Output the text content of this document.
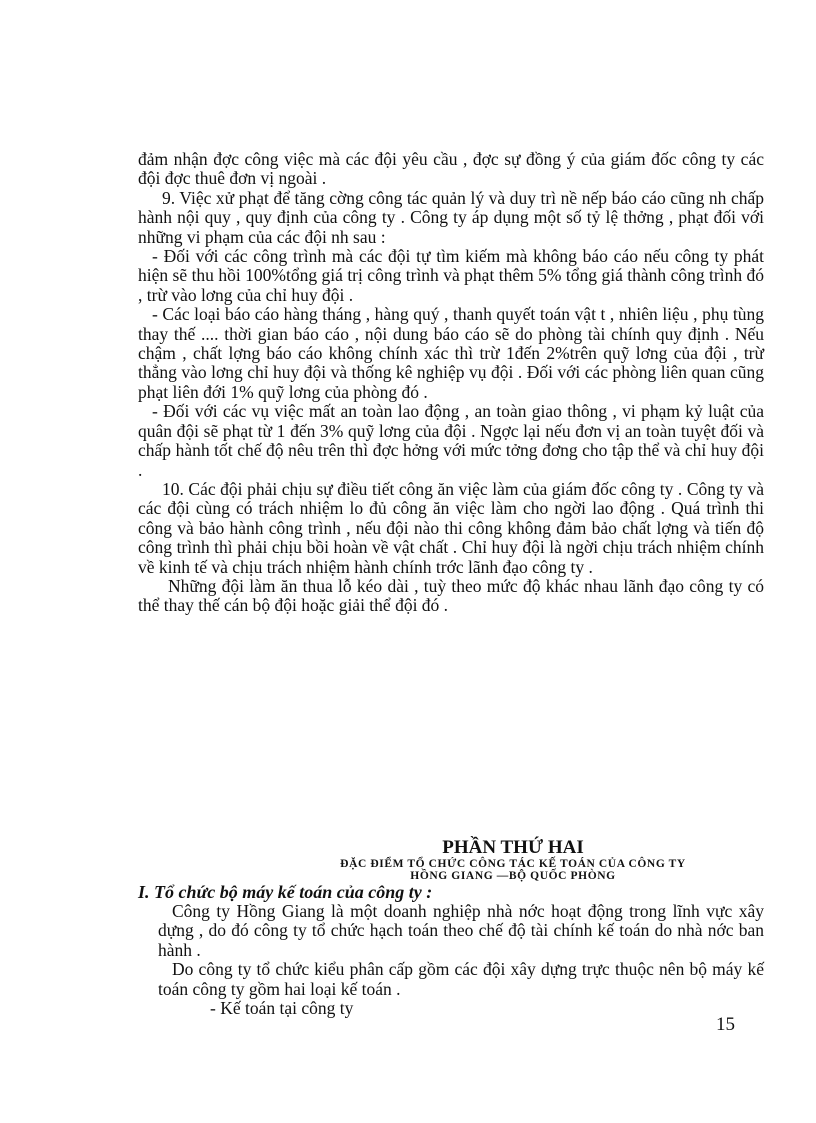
đảm nhận đợc công việc mà các đội yêu cầu , đợc sự đồng ý của giám đốc công ty các đội đợc thuê đơn vị ngoài .

9. Việc xử phạt để tăng cờng công tác quản lý và duy trì nề nếp báo cáo cũng nh chấp hành nội quy , quy định của công ty . Công ty áp dụng một số tỷ lệ thởng , phạt đối với những vi phạm của các đội nh sau :

- Đối với các công trình mà các đội tự tìm kiếm mà không báo cáo nếu công ty phát hiện sẽ thu hồi 100%tổng giá trị công trình và phạt thêm 5% tổng giá thành công trình đó , trừ vào lơng của chỉ huy đội .

- Các loại báo cáo hàng tháng , hàng quý , thanh quyết toán vật t , nhiên liệu , phụ tùng thay thế .... thời gian báo cáo , nội dung báo cáo sẽ do phòng tài chính quy định . Nếu chậm , chất lợng báo cáo không chính xác thì trừ 1đến 2%trên quỹ lơng của đội , trừ thẳng vào lơng chỉ huy đội và thống kê nghiệp vụ đội . Đối với các phòng liên quan cũng phạt liên đới 1% quỹ lơng của phòng đó .

- Đối với các vụ việc mất an toàn lao động , an toàn giao thông , vi phạm kỷ luật của quân đội sẽ phạt từ 1 đến 3% quỹ lơng của đội . Ngợc lại nếu đơn vị an toàn tuyệt đối và chấp hành tốt chế độ nêu trên thì đợc hởng với mức tởng đơng cho tập thể và chỉ huy đội .

10. Các đội phải chịu sự điều tiết công ăn việc làm của giám đốc công ty . Công ty và các đội cùng có trách nhiệm lo đủ công ăn việc làm cho ngời lao động . Quá trình thi công và bảo hành công trình , nếu đội nào thi công không đảm bảo chất lợng và tiến độ công trình thì phải chịu bồi hoàn về vật chất . Chỉ huy đội là ngời chịu trách nhiệm chính về kinh tế và chịu trách nhiệm hành chính trớc lãnh đạo công ty .

Những đội làm ăn thua lỗ kéo dài , tuỳ theo mức độ khác nhau lãnh đạo công ty có thể thay thế cán bộ đội hoặc giải thể đội đó .

PHẦN THỨ HAI
ĐẶC ĐIỂM TỔ CHỨC CÔNG TÁC KẾ TOÁN CỦA CÔNG TY
HỒNG GIANG —BỘ QUỐC PHÒNG
I. Tổ chức bộ máy kế toán của công ty :

Công ty Hồng Giang là một doanh nghiệp nhà nớc hoạt động trong lĩnh vực xây dựng , do đó công ty tổ chức hạch toán theo chế độ tài chính kế toán do nhà nớc ban hành .

Do công ty tổ chức kiểu phân cấp gồm các đội xây dựng trực thuộc nên bộ máy kế toán công ty gồm hai loại kế toán .

- Kế toán tại công ty

15
